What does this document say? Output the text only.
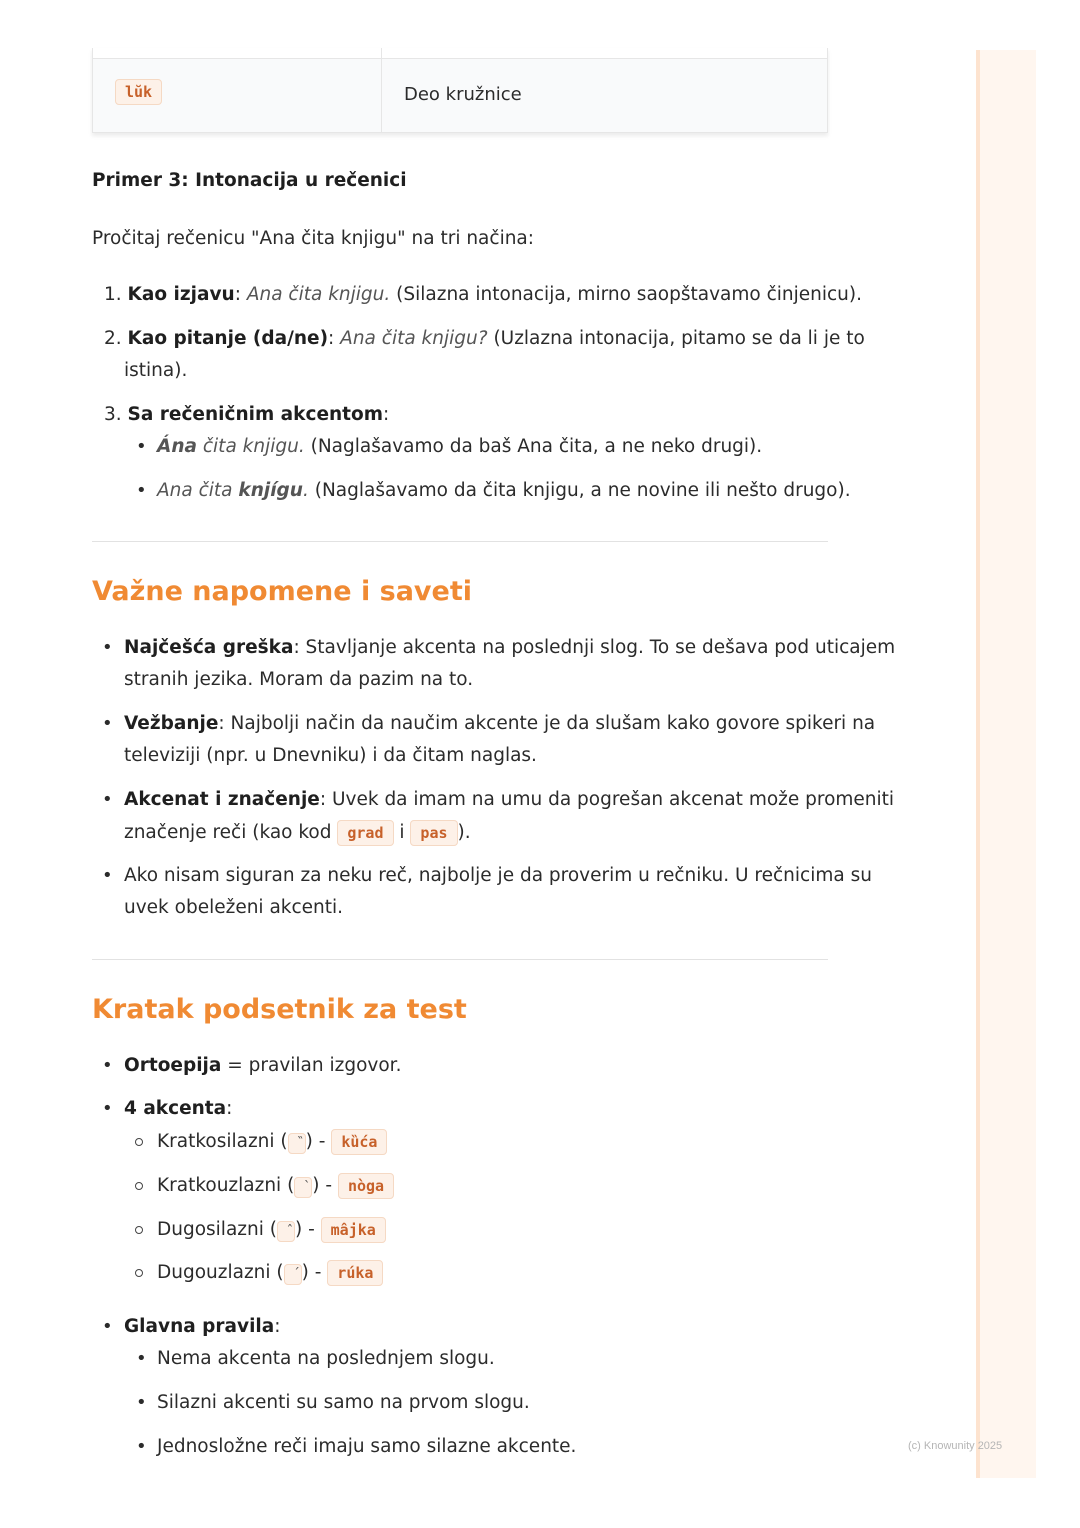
(c) Knowunity 2025
lŭk	Deo kružnice
Primer 3: Intonacija u rečenici
Pročitaj rečenicu "Ana čita knjigu" na tri načina:
1. Kao izjavu: Ana čita knjigu. (Silazna intonacija, mirno saopštavamo činjenicu).
2. Kao pitanje (da/ne): Ana čita knjigu? (Uzlazna intonacija, pitamo se da li je to
istina).
3. Sa rečeničnim akcentom:
• Ána čita knjigu. (Naglašavamo da baš Ana čita, a ne neko drugi).
• Ana čita knjígu. (Naglašavamo da čita knjigu, a ne novine ili nešto drugo).
Važne napomene i saveti
• Najčešća greška: Stavljanje akcenta na poslednji slog. To se dešava pod uticajem
stranih jezika. Moram da pazim na to.
• Vežbanje: Najbolji način da naučim akcente je da slušam kako govore spikeri na
televiziji (npr. u Dnevniku) i da čitam naglas.
• Akcenat i značenje: Uvek da imam na umu da pogrešan akcenat može promeniti
značenje reči (kao kod grad i pas ).
• Ako nisam siguran za neku reč, najbolje je da proverim u rečniku. U rečnicima su
uvek obeleženi akcenti.
Kratak podsetnik za test
• Ortoepija = pravilan izgovor.
• 4 akcenta:
Kratkosilazni ( ) - kȕća
Kratkouzlazni ( ) - nòga
Dugosilazni ( ) - mâjka
Dugouzlazni ( ) - rúka
• Glavna pravila:
• Nema akcenta na poslednjem slogu.
• Silazni akcenti su samo na prvom slogu.
• Jednosložne reči imaju samo silazne akcente.
